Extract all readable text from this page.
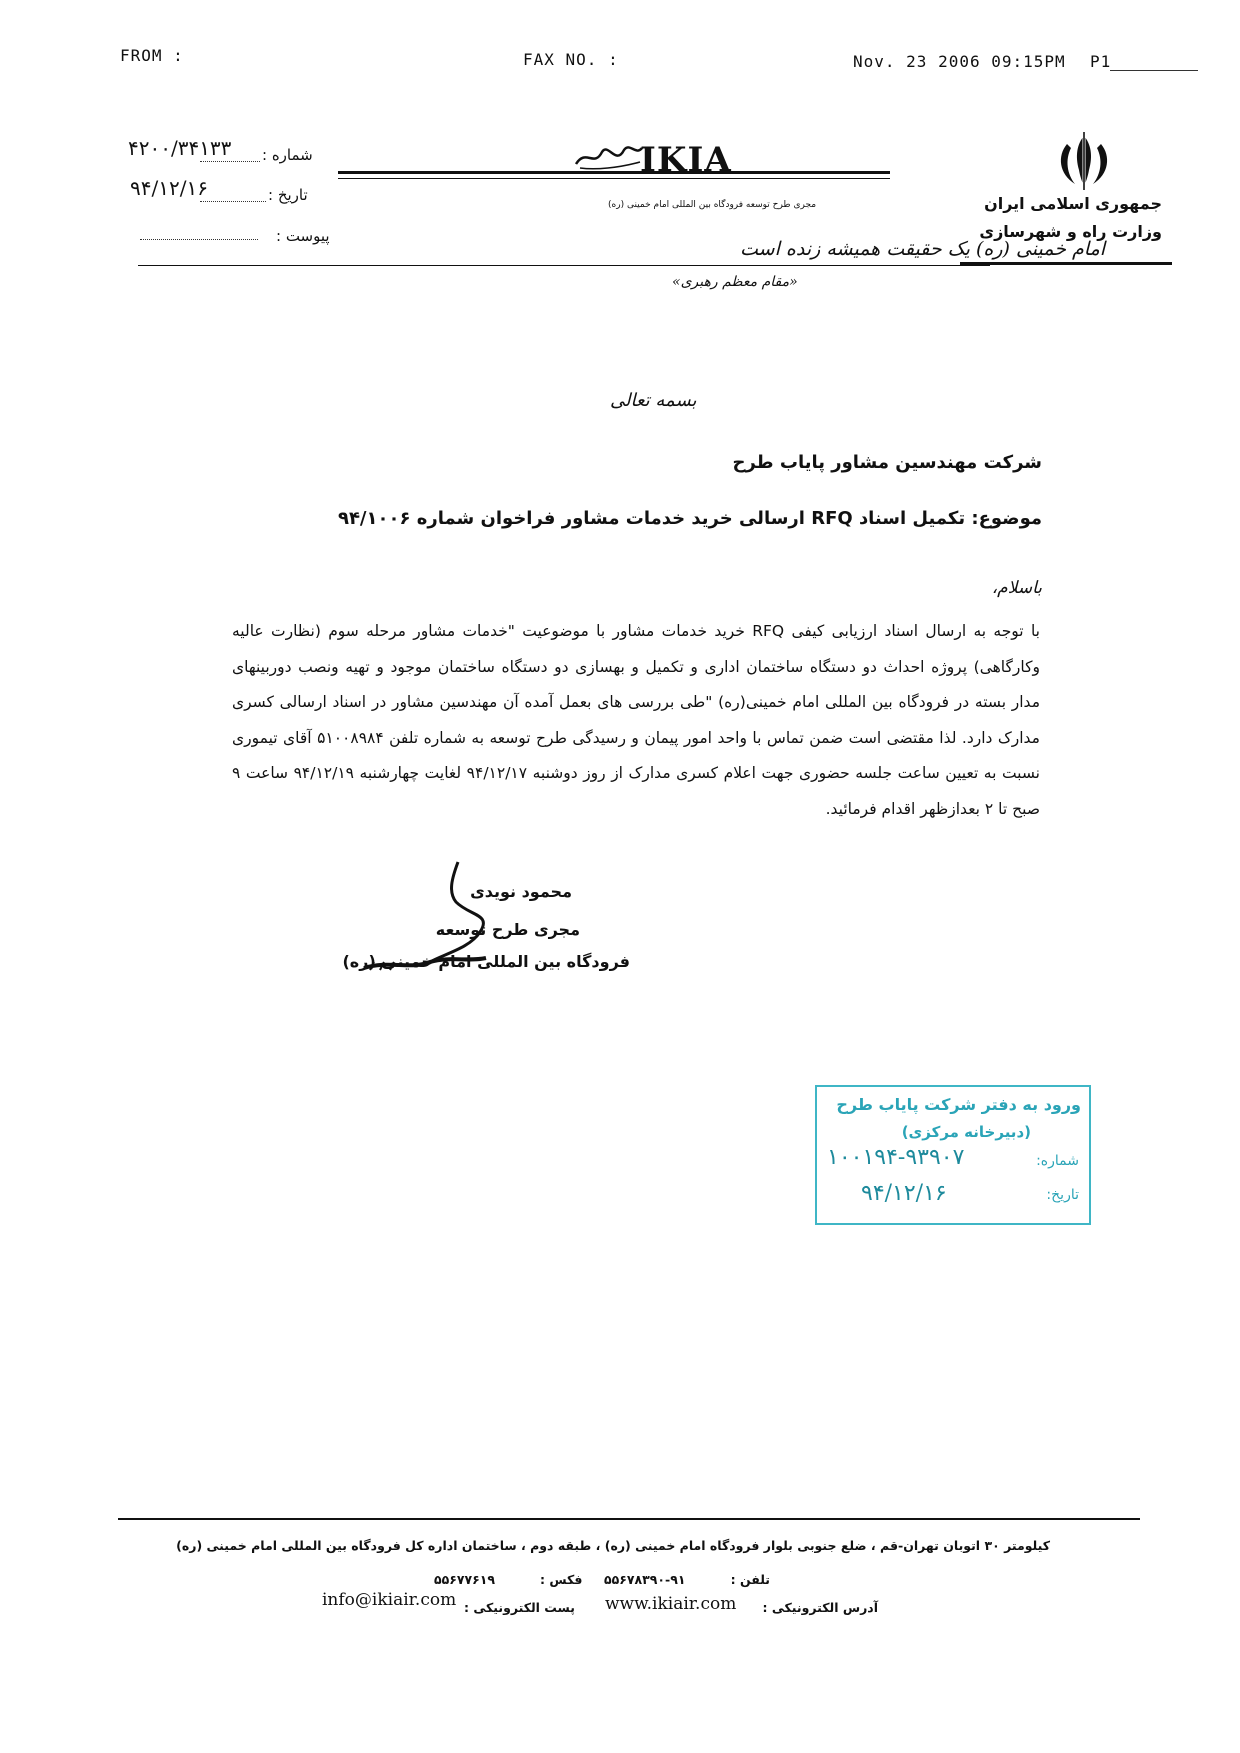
FROM :	FAX NO. :	Nov. 23 2006 09:15PM P1
جمهوری اسلامی ایران
وزارت راه و شهرسازی
IKIA
مجری طرح توسعه فرودگاه بین المللی امام خمینی (ره)
امام خمینی (ره) یک حقیقت همیشه زنده است
«مقام معظم رهبری»
شماره :
۴۲۰۰/۳۴۱۳۳
تاریخ :
۹۴/۱۲/۱۶
پیوست :
بسمه تعالی
شرکت مهندسین مشاور پایاب طرح
موضوع: تکمیل اسناد RFQ ارسالی خرید خدمات مشاور فراخوان شماره ۹۴/۱۰۰۶
باسلام،
با توجه به ارسال اسناد ارزیابی کیفی RFQ خرید خدمات مشاور با موضوعیت "خدمات مشاور مرحله سوم (نظارت عالیه وکارگاهی) پروژه احداث دو دستگاه ساختمان اداری و تکمیل و بهسازی دو دستگاه ساختمان موجود و تهیه ونصب دوربینهای مدار بسته در فرودگاه بین المللی امام خمینی(ره) "طی بررسی های بعمل آمده آن مهندسین مشاور در اسناد ارسالی کسری مدارک دارد. لذا مقتضی است ضمن تماس با واحد امور پیمان و رسیدگی طرح توسعه به شماره تلفن ۵۱۰۰۸۹۸۴ آقای تیموری نسبت به تعیین ساعت جلسه حضوری جهت اعلام کسری مدارک از روز دوشنبه ۹۴/۱۲/۱۷ لغایت چهارشنبه ۹۴/۱۲/۱۹ ساعت ۹ صبح تا ۲ بعدازظهر اقدام فرمائید.
محمود نویدی
مجری طرح توسعه
فرودگاه بین المللی امام خمینی (ره)
ورود به دفتر شرکت پایاب طرح
(دبیرخانه مرکزی)
شماره:
۱۰۰۱۹۴-۹۳۹۰۷
تاریخ:
۹۴/۱۲/۱۶
کیلومتر ۳۰ اتوبان تهران-قم ، ضلع جنوبی بلوار فرودگاه امام خمینی (ره) ، طبقه دوم ، ساختمان اداره کل فرودگاه بین المللی امام خمینی (ره)
تلفن :
۵۵۶۷۸۳۹۰-۹۱
فکس :
۵۵۶۷۷۶۱۹
آدرس الکترونیکی :
www.ikiair.com
پست الکترونیکی :
info@ikiair.com
